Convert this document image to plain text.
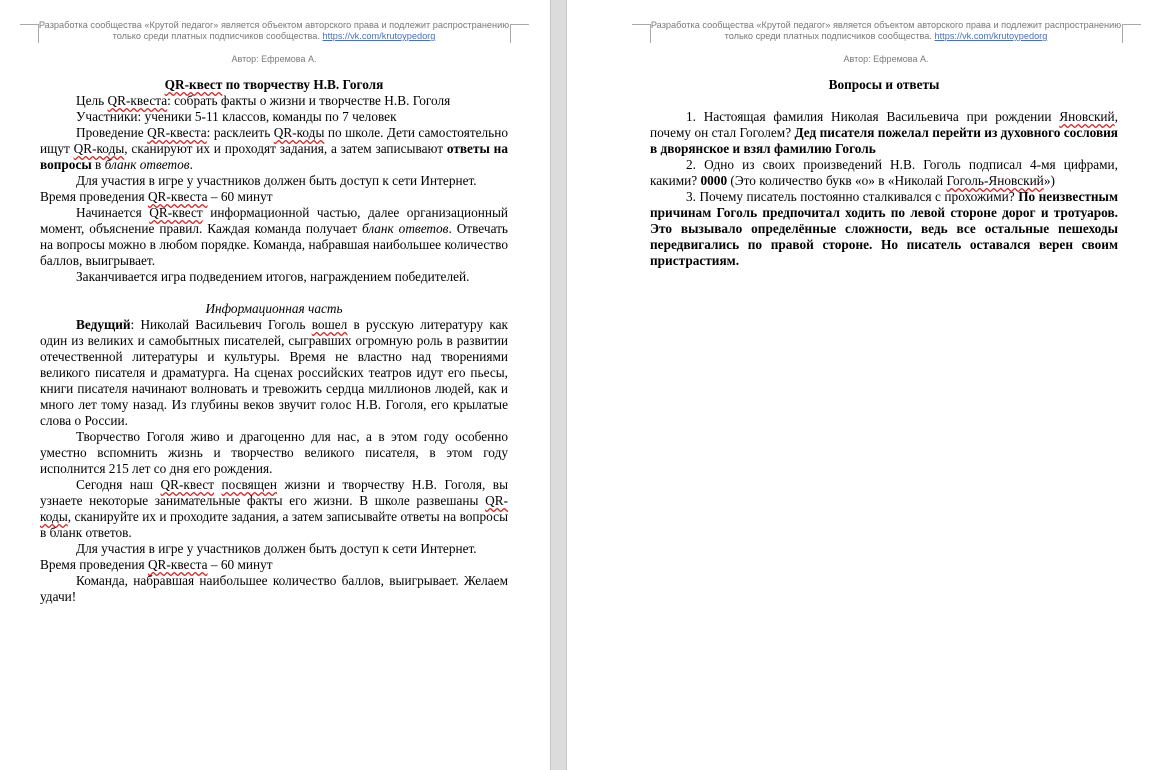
Разработка сообщества «Крутой педагог» является объектом авторского права и подлежит распространению только среди платных подписчиков сообщества. https://vk.com/krutoypedorg
Автор: Ефремова А.

QR-квест по творчеству Н.В. Гоголя

Цель QR-квеста: собрать факты о жизни и творчестве Н.В. Гоголя

Участники: ученики 5-11 классов, команды по 7 человек

Проведение QR-квеста: расклеить QR-коды по школе. Дети самостоятельно ищут QR-коды, сканируют их и проходят задания, а затем записывают ответы на вопросы в бланк ответов.

Для участия в игре у участников должен быть доступ к сети Интернет.

Время проведения QR-квеста – 60 минут

Начинается QR-квест информационной частью, далее организационный момент, объяснение правил. Каждая команда получает бланк ответов. Отвечать на вопросы можно в любом порядке. Команда, набравшая наибольшее количество баллов, выигрывает.

Заканчивается игра подведением итогов, награждением победителей.

Информационная часть

Ведущий: Николай Васильевич Гоголь вошел в русскую литературу как один из великих и самобытных писателей, сыгравших огромную роль в развитии отечественной литературы и культуры. Время не властно над творениями великого писателя и драматурга. На сценах российских театров идут его пьесы, книги писателя начинают волновать и тревожить сердца миллионов людей, как и много лет тому назад. Из глубины веков звучит голос Н.В. Гоголя, его крылатые слова о России.

Творчество Гоголя живо и драгоценно для нас, а в этом году особенно уместно вспомнить жизнь и творчество великого писателя, в этом году исполнится 215 лет со дня его рождения.

Сегодня наш QR-квест посвящен жизни и творчеству Н.В. Гоголя, вы узнаете некоторые занимательные факты его жизни. В школе развешаны QR-коды, сканируйте их и проходите задания, а затем записывайте ответы на вопросы в бланк ответов.

Для участия в игре у участников должен быть доступ к сети Интернет.

Время проведения QR-квеста – 60 минут

Команда, набравшая наибольшее количество баллов, выигрывает. Желаем удачи!

Разработка сообщества «Крутой педагог» является объектом авторского права и подлежит распространению только среди платных подписчиков сообщества. https://vk.com/krutoypedorg
Автор: Ефремова А.

Вопросы и ответы

1. Настоящая фамилия Николая Васильевича при рождении Яновский, почему он стал Гоголем? Дед писателя пожелал перейти из духовного сословия в дворянское и взял фамилию Гоголь

2. Одно из своих произведений Н.В. Гоголь подписал 4-мя цифрами, какими? 0000 (Это количество букв «о» в «Николай Гоголь-Яновский»)

3. Почему писатель постоянно сталкивался с прохожими? По неизвестным причинам Гоголь предпочитал ходить по левой стороне дорог и тротуаров. Это вызывало определённые сложности, ведь все остальные пешеходы передвигались по правой стороне. Но писатель оставался верен своим пристрастиям.
